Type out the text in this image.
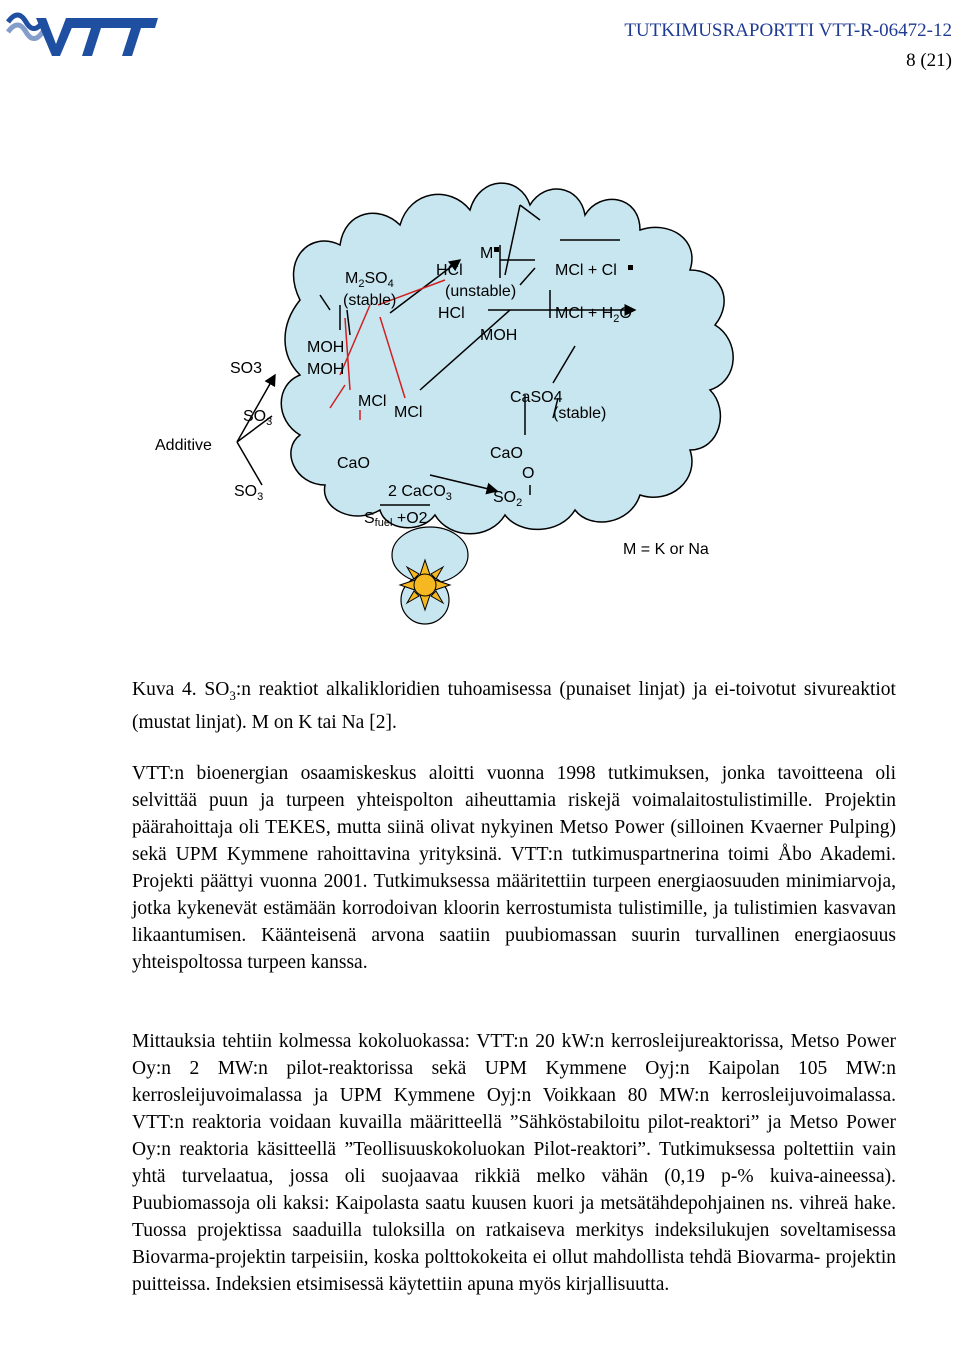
TUTKIMUSRAPORTTI VTT-R-06472-12
8 (21)
Additive
SO3
$SO_3$
$SO_3$
$M_2SO_4$
(stable)
MOH
MOH
MCl
MCl
HCl
(unstable)
HCl
M
MOH
MCl + Cl
MCl + $H_2O$
CaSO4
(stable)
CaO
O
$SO_2$
CaO
2 CaCO$_3$
Sfuel +O2
M = K or Na

Kuva 4. $SO_3:n$ reaktiot alkalikloridien tuhoamisessa (punaiset linjat) ja ei-toivotut sivureaktiot (mustat linjat). M on K tai Na [2].

VTT:n bioenergian osaamiskeskus aloitti vuonna 1998 tutkimuksen, jonka tavoitteena oli selvittää puun ja turpeen yhteispolton aiheuttamia riskejä voimalaitostulistimille. Projektin päärahoittaja oli TEKES, mutta siinä olivat nykyinen Metso Power (silloinen Kvaerner Pulping) sekä UPM Kymmene rahoittavina yrityksinä. VTT:n tutkimuspartnerina toimi Åbo Akademi. Projekti päättyi vuonna 2001. Tutkimuksessa määritettiin turpeen energiaosuuden minimiarvoja, jotka kykenevät estämään korrodoivan kloorin kerrostumista tulistimille, ja tulistimien kasvavan likaantumisen. Käänteisenä arvona saatiin puubiomassan suurin turvallinen energiaosuus yhteispoltossa turpeen kanssa.

Mittauksia tehtiin kolmessa kokoluokassa: VTT:n 20 kW:n kerrosleijureaktorissa, Metso Power Oy:n 2 MW:n pilot-reaktorissa sekä UPM Kymmene Oyj:n Kaipolan 105 MW:n kerrosleijuvoimalassa ja UPM Kymmene Oyj:n Voikkaan 80 MW:n kerrosleijuvoimalassa. VTT:n reaktoria voidaan kuvailla määritteellä ”Sähköstabiloitu pilot-reaktori” ja Metso Power Oy:n reaktoria käsitteellä ”Teollisuuskokoluokan Pilot-reaktori”. Tutkimuksessa poltettiin vain yhtä turvelaatua, jossa oli suojaavaa rikkiä melko vähän (0,19 p-% kuiva-aineessa). Puubiomassoja oli kaksi: Kaipolasta saatu kuusen kuori ja metsätähdepohjainen ns. vihreä hake. Tuossa projektissa saaduilla tuloksilla on ratkaiseva merkitys indeksilukujen soveltamisessa Biovarma-projektin tarpeisiin, koska polttokokeita ei ollut mahdollista tehdä Biovarma- projektin puitteissa. Indeksien etsimisessä käytettiin apuna myös kirjallisuutta.
